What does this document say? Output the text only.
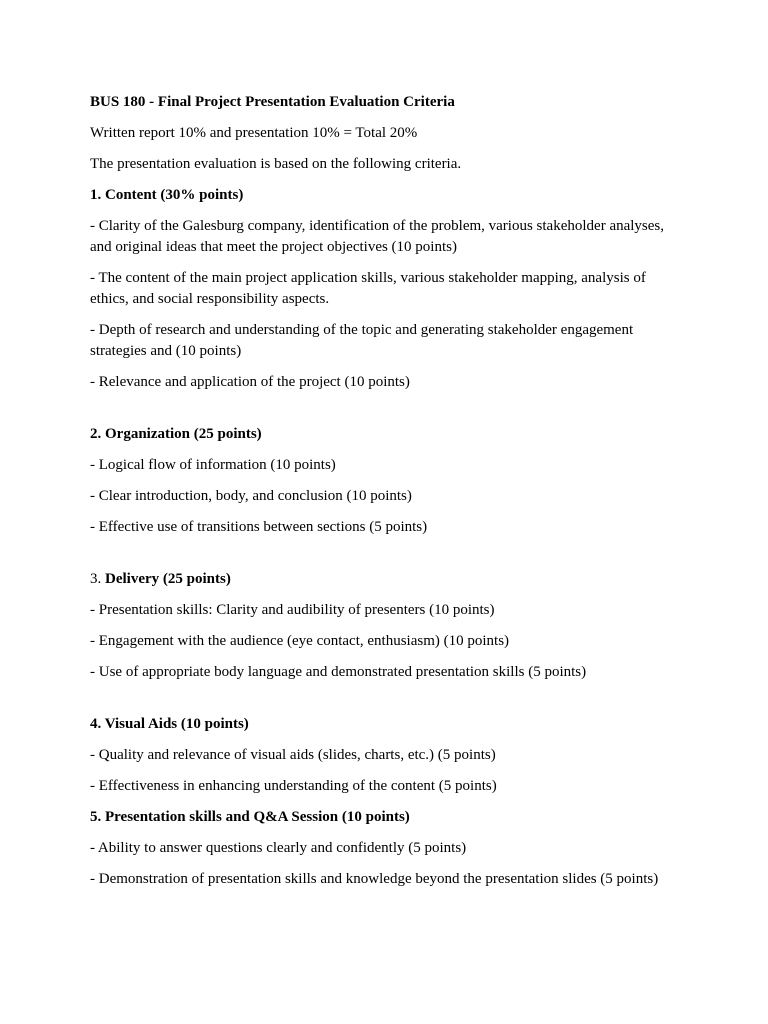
BUS 180 - Final Project Presentation Evaluation Criteria

Written report 10% and presentation 10% = Total 20%

The presentation evaluation is based on the following criteria.

1. Content (30% points)

- Clarity of the Galesburg company, identification of the problem, various stakeholder analyses, and original ideas that meet the project objectives (10 points)

- The content of the main project application skills, various stakeholder mapping, analysis of ethics, and social responsibility aspects.

- Depth of research and understanding of the topic and generating stakeholder engagement strategies and (10 points)

- Relevance and application of the project (10 points)

2. Organization (25 points)

- Logical flow of information (10 points)

- Clear introduction, body, and conclusion (10 points)

- Effective use of transitions between sections (5 points)

3. Delivery (25 points)

- Presentation skills: Clarity and audibility of presenters (10 points)

- Engagement with the audience (eye contact, enthusiasm) (10 points)

- Use of appropriate body language and demonstrated presentation skills (5 points)

4. Visual Aids (10 points)

- Quality and relevance of visual aids (slides, charts, etc.) (5 points)

- Effectiveness in enhancing understanding of the content (5 points)

5. Presentation skills and Q&A Session (10 points)

- Ability to answer questions clearly and confidently (5 points)

- Demonstration of presentation skills and knowledge beyond the presentation slides (5 points)
